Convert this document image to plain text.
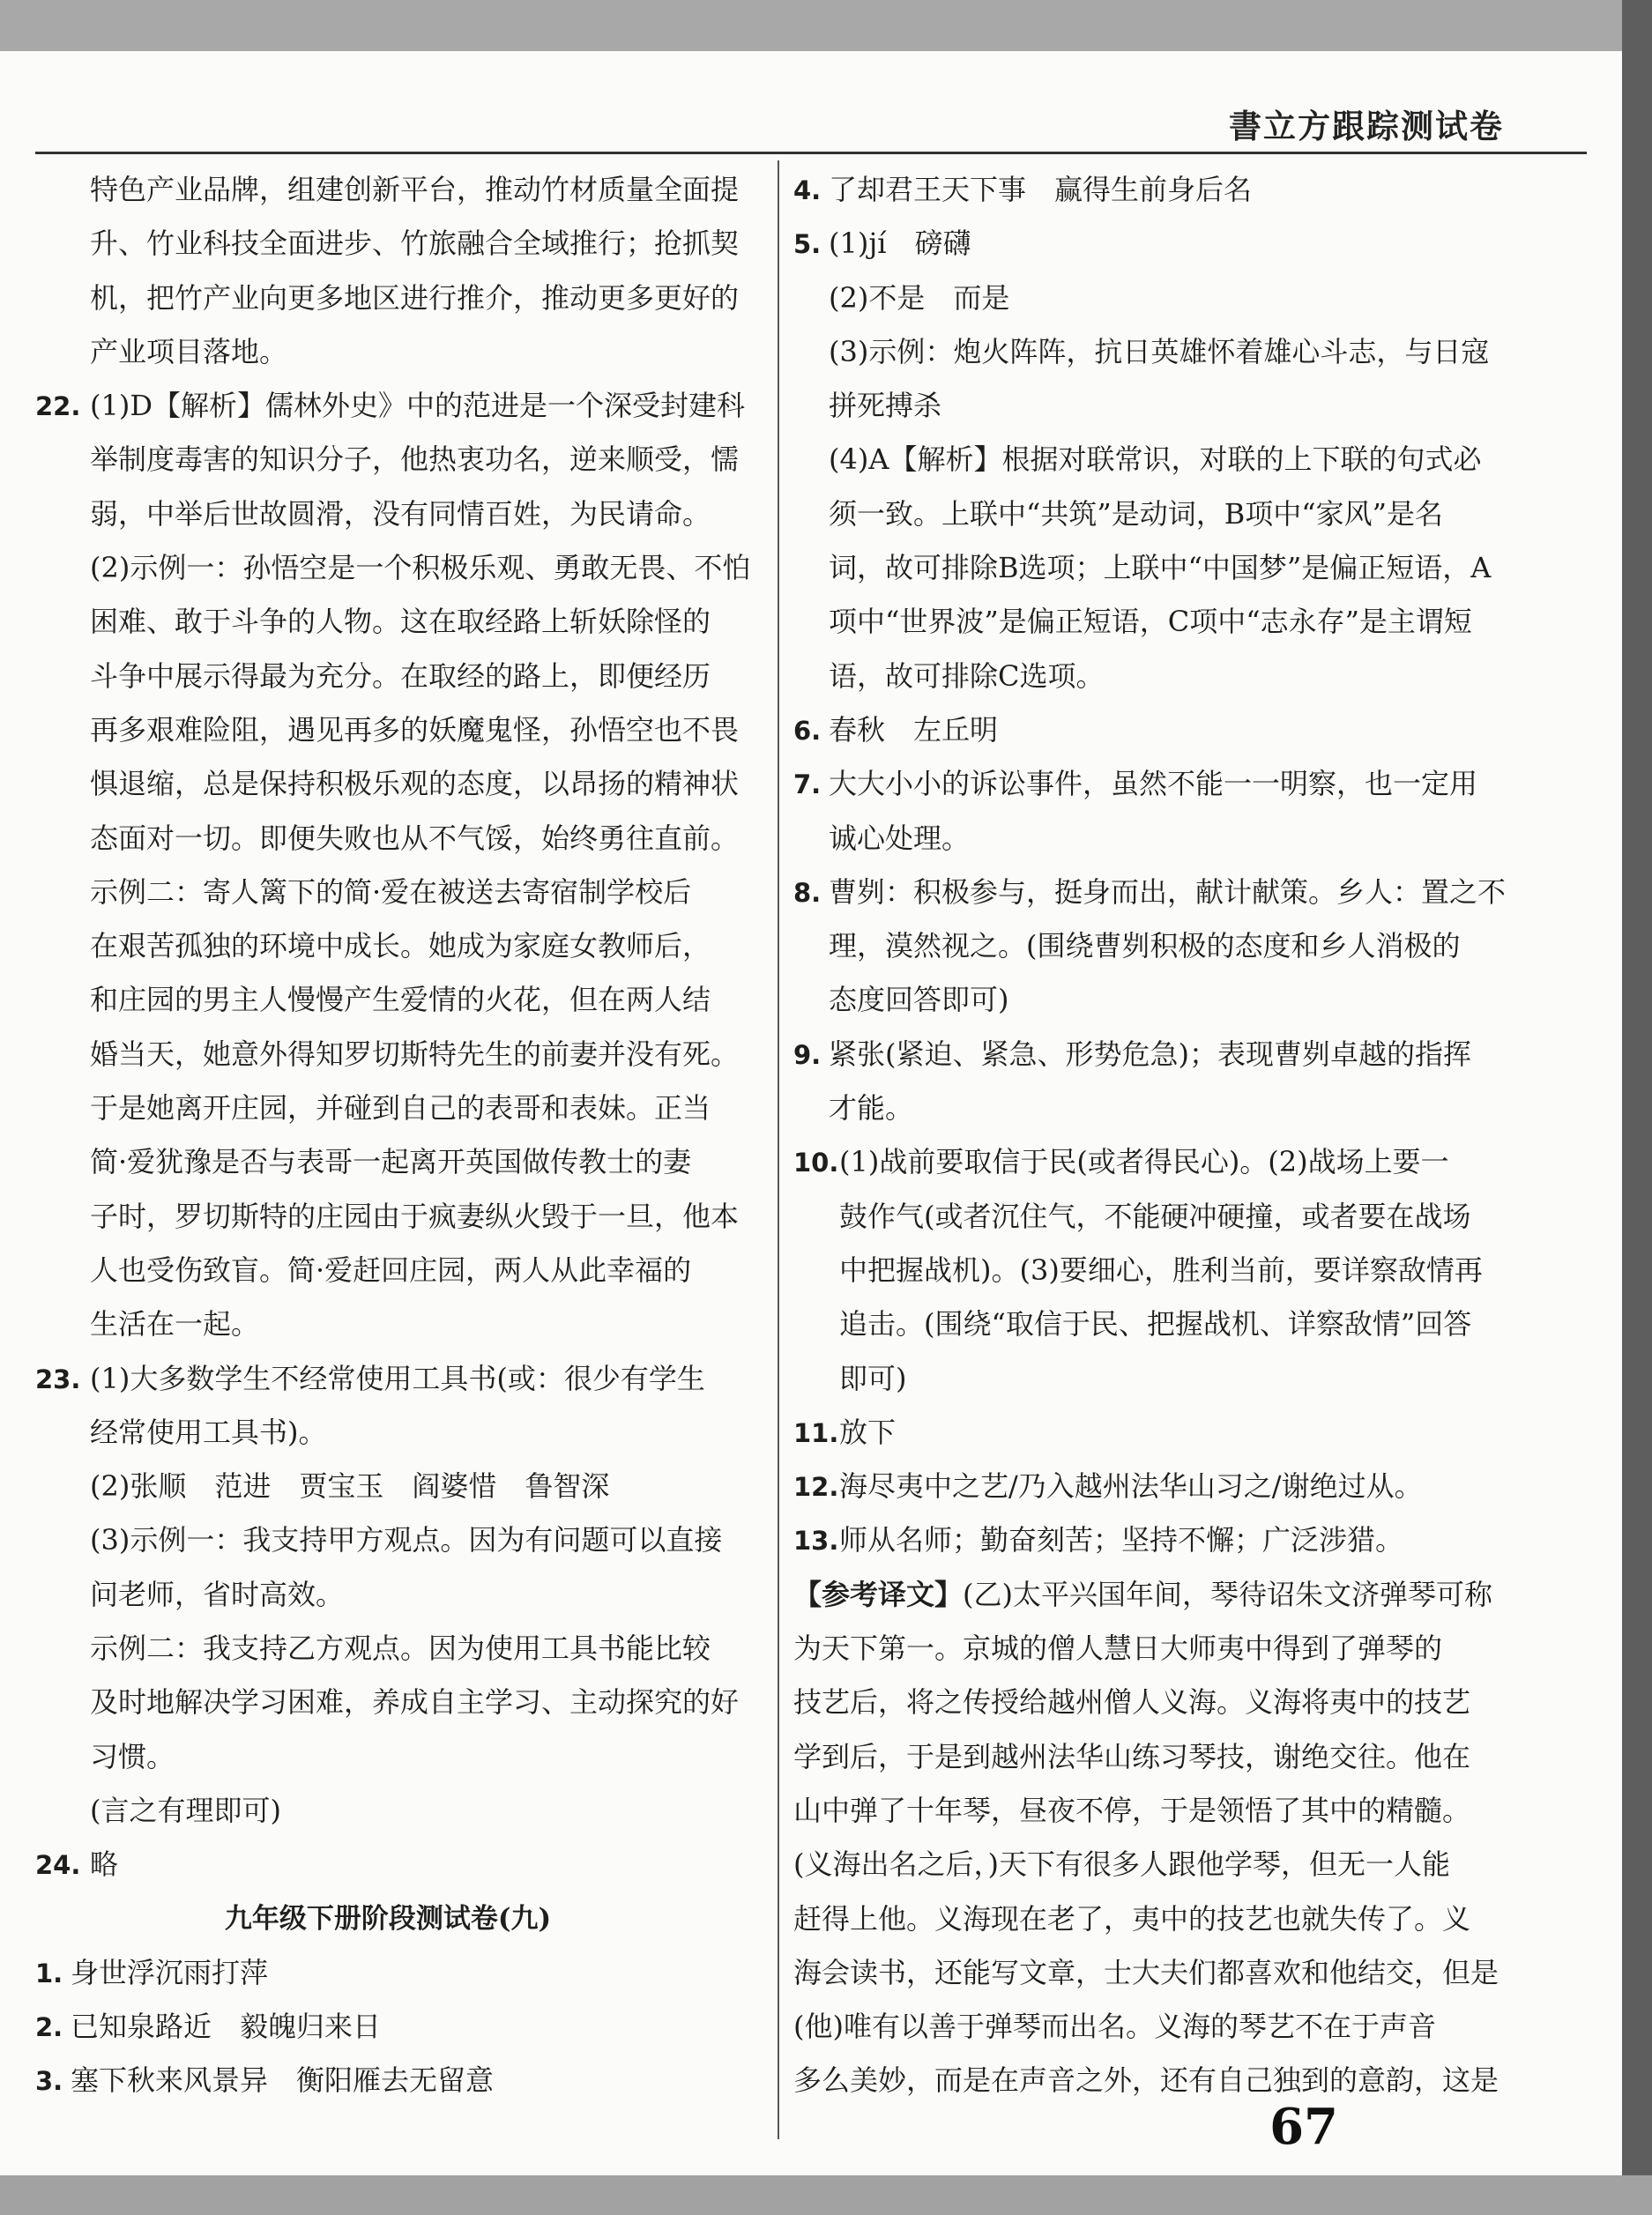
書立方跟踪测试卷
特色产业品牌，组建创新平台，推动竹材质量全面提
升、竹业科技全面进步、竹旅融合全域推行；抢抓契
机，把竹产业向更多地区进行推介，推动更多更好的
产业项目落地。
22. (1)D【解析】儒林外史》中的范进是一个深受封建科
举制度毒害的知识分子，他热衷功名，逆来顺受，懦
弱，中举后世故圆滑，没有同情百姓，为民请命。
(2)示例一：孙悟空是一个积极乐观、勇敢无畏、不怕
困难、敢于斗争的人物。这在取经路上斩妖除怪的
斗争中展示得最为充分。在取经的路上，即便经历
再多艰难险阻，遇见再多的妖魔鬼怪，孙悟空也不畏
惧退缩，总是保持积极乐观的态度，以昂扬的精神状
态面对一切。即便失败也从不气馁，始终勇往直前。
示例二：寄人篱下的简·爱在被送去寄宿制学校后
在艰苦孤独的环境中成长。她成为家庭女教师后，
和庄园的男主人慢慢产生爱情的火花，但在两人结
婚当天，她意外得知罗切斯特先生的前妻并没有死。
于是她离开庄园，并碰到自己的表哥和表妹。正当
简·爱犹豫是否与表哥一起离开英国做传教士的妻
子时，罗切斯特的庄园由于疯妻纵火毁于一旦，他本
人也受伤致盲。简·爱赶回庄园，两人从此幸福的
生活在一起。
23. (1)大多数学生不经常使用工具书(或：很少有学生
经常使用工具书)。
(2)张顺　范进　贾宝玉　阎婆惜　鲁智深
(3)示例一：我支持甲方观点。因为有问题可以直接
问老师，省时高效。
示例二：我支持乙方观点。因为使用工具书能比较
及时地解决学习困难，养成自主学习、主动探究的好
习惯。
(言之有理即可)
24. 略
九年级下册阶段测试卷(九)
1. 身世浮沉雨打萍
2. 已知泉路近　毅魄归来日
3. 塞下秋来风景异　衡阳雁去无留意
4. 了却君王天下事　赢得生前身后名
5. (1)jí　磅礴
(2)不是　而是
(3)示例：炮火阵阵，抗日英雄怀着雄心斗志，与日寇
拼死搏杀
(4)A【解析】根据对联常识，对联的上下联的句式必
须一致。上联中“共筑”是动词，B项中“家风”是名
词，故可排除B选项；上联中“中国梦”是偏正短语，A
项中“世界波”是偏正短语，C项中“志永存”是主谓短
语，故可排除C选项。
6. 春秋　左丘明
7. 大大小小的诉讼事件，虽然不能一一明察，也一定用
诚心处理。
8. 曹刿：积极参与，挺身而出，献计献策。乡人：置之不
理，漠然视之。(围绕曹刿积极的态度和乡人消极的
态度回答即可)
9. 紧张(紧迫、紧急、形势危急)；表现曹刿卓越的指挥
才能。
10.(1)战前要取信于民(或者得民心)。(2)战场上要一
鼓作气(或者沉住气，不能硬冲硬撞，或者要在战场
中把握战机)。(3)要细心，胜利当前，要详察敌情再
追击。(围绕“取信于民、把握战机、详察敌情”回答
即可)
11.放下
12.海尽夷中之艺/乃入越州法华山习之/谢绝过从。
13.师从名师；勤奋刻苦；坚持不懈；广泛涉猎。
【参考译文】(乙)太平兴国年间，琴待诏朱文济弹琴可称
为天下第一。京城的僧人慧日大师夷中得到了弹琴的
技艺后，将之传授给越州僧人义海。义海将夷中的技艺
学到后，于是到越州法华山练习琴技，谢绝交往。他在
山中弹了十年琴，昼夜不停，于是领悟了其中的精髓。
(义海出名之后，)天下有很多人跟他学琴，但无一人能
赶得上他。义海现在老了，夷中的技艺也就失传了。义
海会读书，还能写文章，士大夫们都喜欢和他结交，但是
(他)唯有以善于弹琴而出名。义海的琴艺不在于声音
多么美妙，而是在声音之外，还有自己独到的意韵，这是
67
